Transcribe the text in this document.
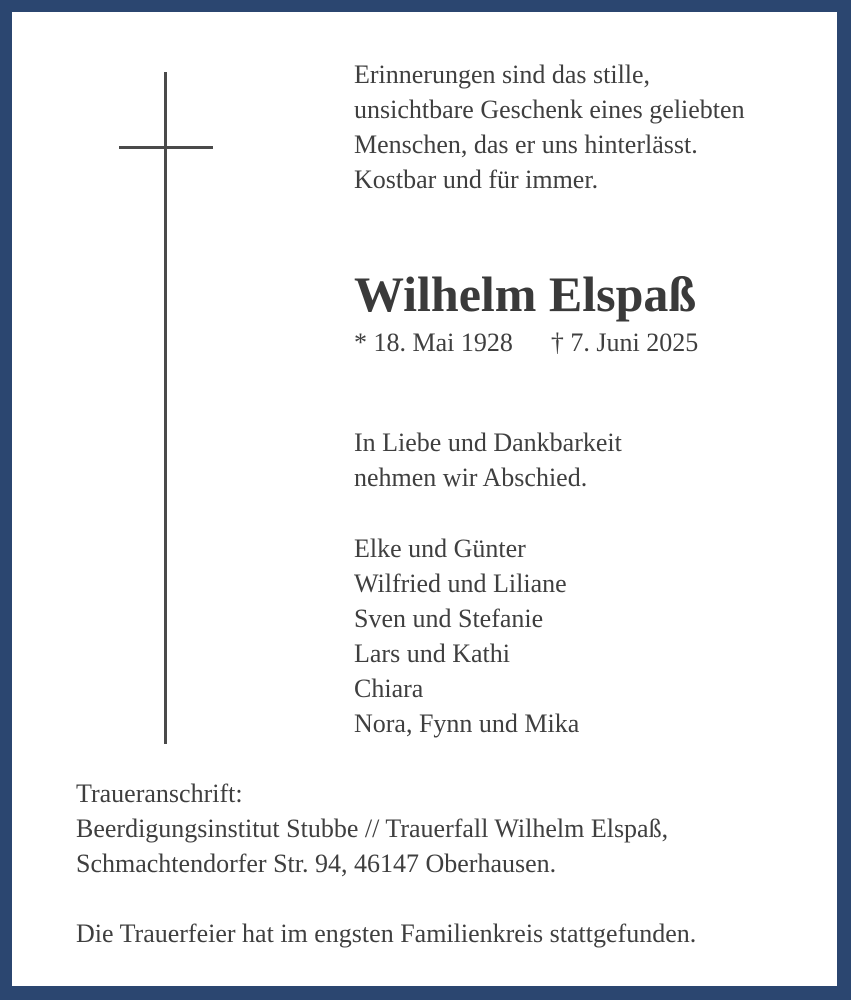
Erinnerungen sind das stille,
unsichtbare Geschenk eines geliebten
Menschen, das er uns hinterlässt.
Kostbar und für immer.
Wilhelm Elspaß
* 18. Mai 1928 † 7. Juni 2025
In Liebe und Dankbarkeit
nehmen wir Abschied.
Elke und Günter
Wilfried und Liliane
Sven und Stefanie
Lars und Kathi
Chiara
Nora, Fynn und Mika
Traueranschrift:
Beerdigungsinstitut Stubbe // Trauerfall Wilhelm Elspaß,
Schmachtendorfer Str. 94, 46147 Oberhausen.
Die Trauerfeier hat im engsten Familienkreis stattgefunden.
